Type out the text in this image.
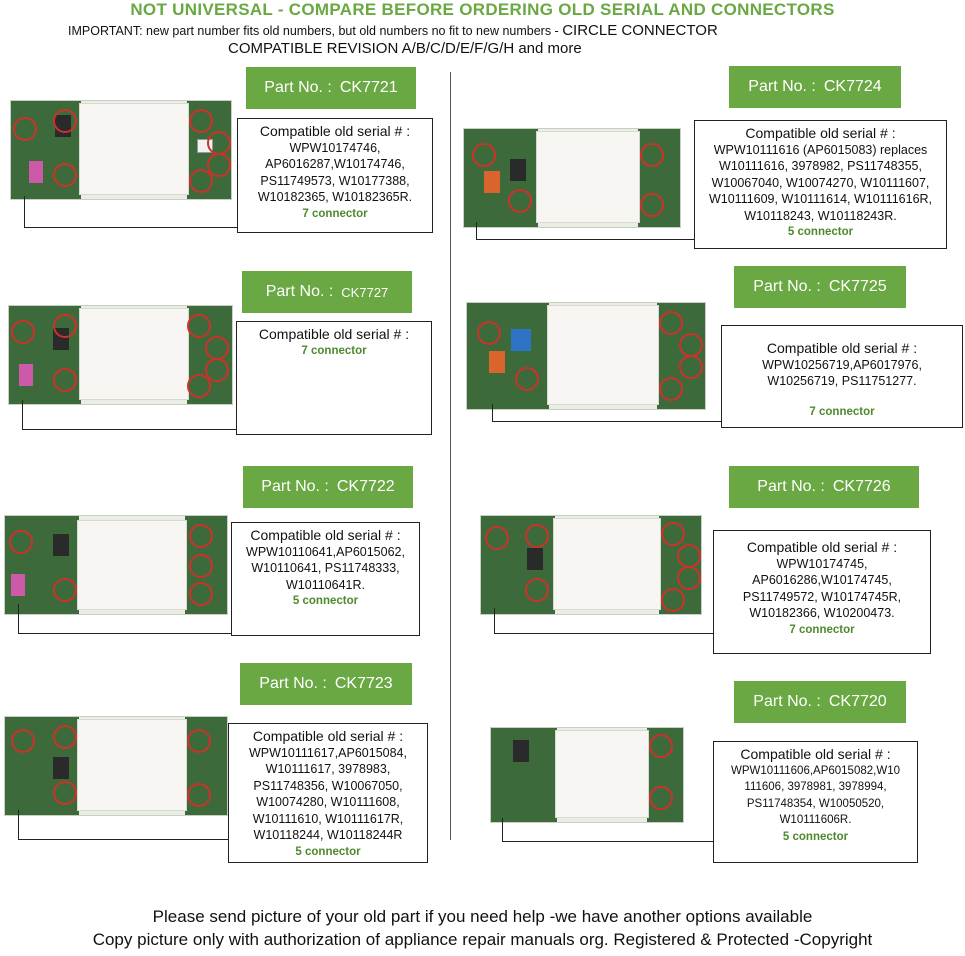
NOT UNIVERSAL - COMPARE BEFORE ORDERING OLD SERIAL AND CONNECTORS
IMPORTANT: new part number fits old numbers, but old numbers no fit to new numbers - CIRCLE CONNECTOR
COMPATIBLE REVISION A/B/C/D/E/F/G/H and more
Part No. : CK7721
Compatible old serial # :
WPW10174746,
AP6016287,W10174746,
PS11749573, W10177388,
W10182365, W10182365R.
7 connector
Part No. : CK7727
Compatible old serial # :
7 connector
Part No. : CK7722
Compatible old serial # :
WPW10110641,AP6015062,
W10110641, PS11748333,
W10110641R.
5 connector
Part No. : CK7723
Compatible old serial # :
WPW10111617,AP6015084,
W10111617, 3978983,
PS11748356, W10067050,
W10074280, W10111608,
W10111610, W10111617R,
W10118244, W10118244R
5 connector
Part No. : CK7724
Compatible old serial # :
WPW10111616 (AP6015083) replaces
W10111616, 3978982, PS11748355,
W10067040, W10074270, W10111607,
W10111609, W10111614, W10111616R,
W10118243, W10118243R.
5 connector
Part No. : CK7725
Compatible old serial # :
WPW10256719,AP6017976,
W10256719, PS11751277.
7 connector
Part No. : CK7726
Compatible old serial # :
WPW10174745,
AP6016286,W10174745,
PS11749572, W10174745R,
W10182366, W10200473.
7 connector
Part No. : CK7720
Compatible old serial # :
WPW10111606,AP6015082,W10
111606, 3978981, 3978994,
PS11748354, W10050520,
W10111606R.
5 connector
Please send picture of your old part if you need help -we have another options available
Copy picture only with authorization of appliance repair manuals org. Registered & Protected -Copyright
